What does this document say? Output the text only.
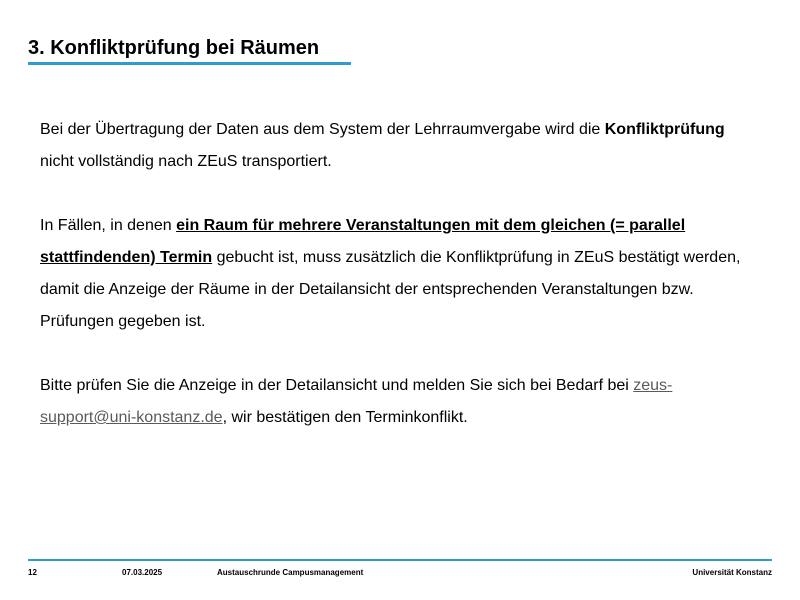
3. Konfliktprüfung bei Räumen

Bei der Übertragung der Daten aus dem System der Lehrraumvergabe wird die Konfliktprüfung nicht vollständig nach ZEuS transportiert.

In Fällen, in denen ein Raum für mehrere Veranstaltungen mit dem gleichen (= parallel stattfindenden) Termin gebucht ist, muss zusätzlich die Konfliktprüfung in ZEuS bestätigt werden, damit die Anzeige der Räume in der Detailansicht der entsprechenden Veranstaltungen bzw. Prüfungen gegeben ist.

Bitte prüfen Sie die Anzeige in der Detailansicht und melden Sie sich bei Bedarf bei zeus-support@uni-konstanz.de, wir bestätigen den Terminkonflikt.

12	07.03.2025	Austauschrunde Campusmanagement	Universität Konstanz
